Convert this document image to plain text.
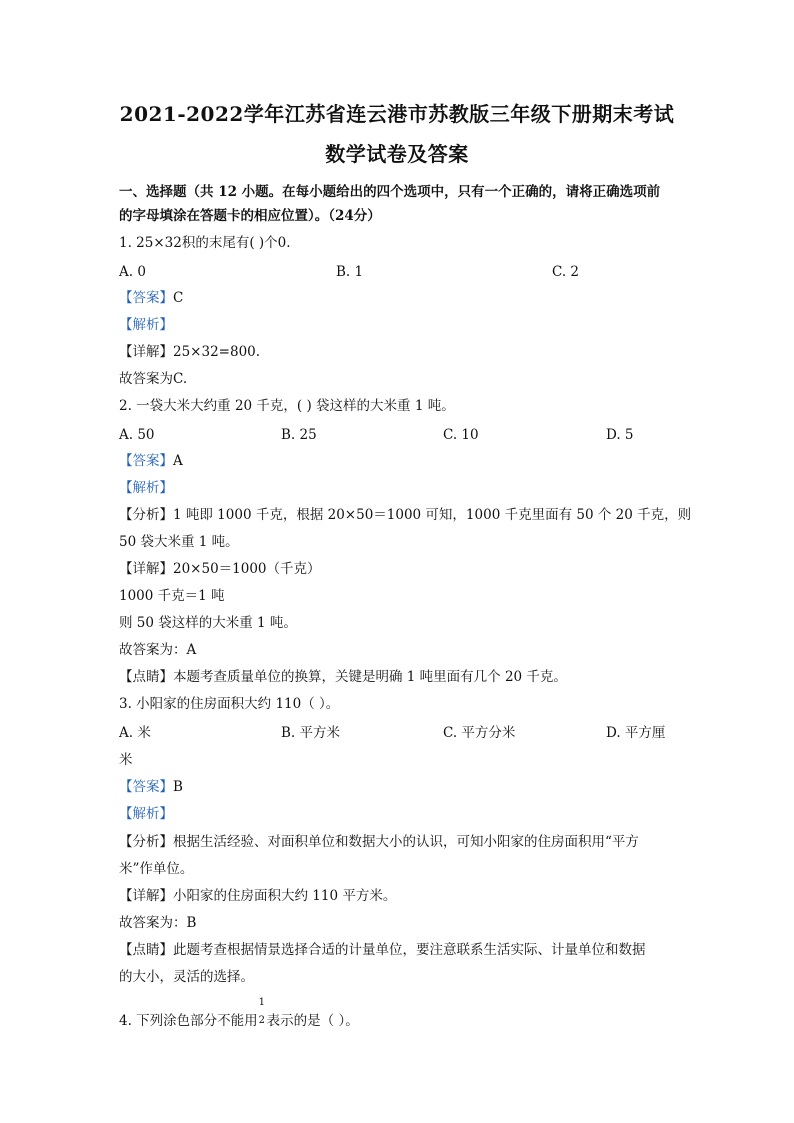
2021-2022学年江苏省连云港市苏教版三年级下册期末考试
数学试卷及答案
一、选择题（共 12 小题。在每小题给出的四个选项中，只有一个正确的，请将正确选项前
的字母填涂在答题卡的相应位置）。（24分）
1. 25×32积的末尾有( )个0.
A. 0	B. 1	C. 2
【答案】C
【解析】
【详解】25×32=800.
故答案为C.
2. 一袋大米大约重 20 千克，( ) 袋这样的大米重 1 吨。
A. 50	B. 25	C. 10	D. 5
【答案】A
【解析】
【分析】1 吨即 1000 千克，根据 20×50＝1000 可知，1000 千克里面有 50 个 20 千克，则
50 袋大米重 1 吨。
【详解】20×50＝1000（千克）
1000 千克＝1 吨
则 50 袋这样的大米重 1 吨。
故答案为：A
【点睛】本题考查质量单位的换算，关键是明确 1 吨里面有几个 20 千克。
3. 小阳家的住房面积大约 110（ ）。
A. 米	B. 平方米	C. 平方分米	D. 平方厘
米
【答案】B
【解析】
【分析】根据生活经验、对面积单位和数据大小的认识，可知小阳家的住房面积用“平方
米”作单位。
【详解】小阳家的住房面积大约 110 平方米。
故答案为：B
【点睛】此题考查根据情景选择合适的计量单位，要注意联系生活实际、计量单位和数据
的大小，灵活的选择。
4. 下列涂色部分不能用
1
2 表示的是（ ）。
